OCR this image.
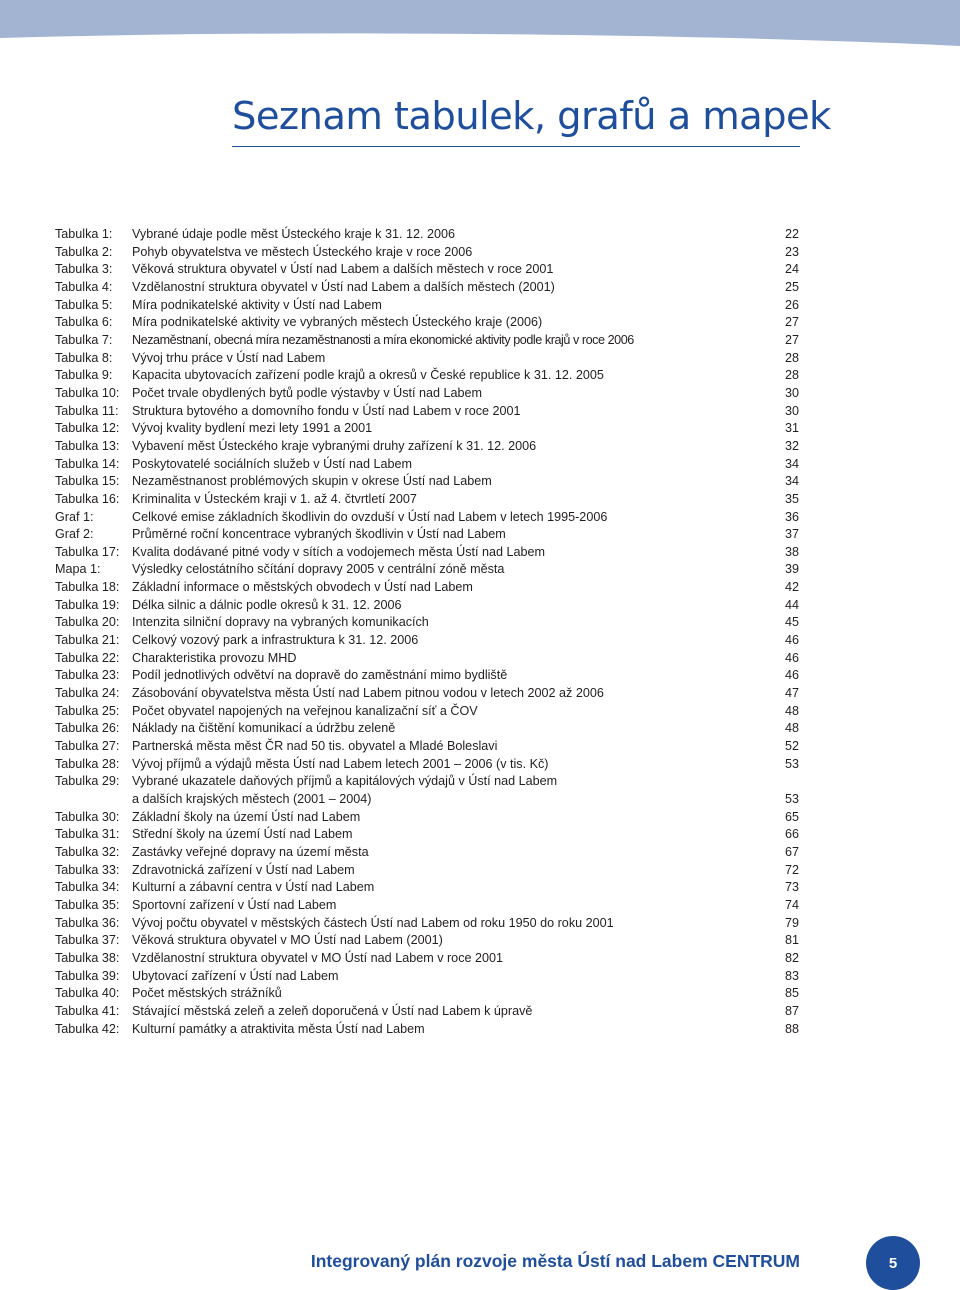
Seznam tabulek, grafů a mapek
Tabulka 1:	Vybrané údaje podle měst Ústeckého kraje k 31. 12. 2006	22
Tabulka 2:	Pohyb obyvatelstva ve městech Ústeckého kraje v roce 2006	23
Tabulka 3:	Věková struktura obyvatel v Ústí nad Labem a dalších městech v roce 2001	24
Tabulka 4:	Vzdělanostní struktura obyvatel v Ústí nad Labem a dalších městech (2001)	25
Tabulka 5:	Míra podnikatelské aktivity v Ústí nad Labem	26
Tabulka 6:	Míra podnikatelské aktivity ve vybraných městech Ústeckého kraje (2006)	27
Tabulka 7:	Nezaměstnaní, obecná míra nezaměstnanosti a míra ekonomické aktivity podle krajů v roce 2006	27
Tabulka 8:	Vývoj trhu práce v Ústí nad Labem	28
Tabulka 9:	Kapacita ubytovacích zařízení podle krajů a okresů v České republice k 31. 12. 2005	28
Tabulka 10: Počet trvale obydlených bytů podle výstavby v Ústí nad Labem	30
Tabulka 11:	Struktura bytového a domovního fondu v Ústí nad Labem v roce 2001	30
Tabulka 12: Vývoj kvality bydlení mezi lety 1991 a 2001	31
Tabulka 13: Vybavení měst Ústeckého kraje vybranými druhy zařízení k 31. 12. 2006	32
Tabulka 14: Poskytovatelé sociálních služeb v Ústí nad Labem	34
Tabulka 15: Nezaměstnanost problémových skupin v okrese Ústí nad Labem	34
Tabulka 16: Kriminalita v Ústeckém kraji v 1. až 4. čtvrtletí 2007	35
Graf 1:	Celkové emise základních škodlivin do ovzduší v Ústí nad Labem v letech 1995-2006	36
Graf 2:	Průměrné roční koncentrace vybraných škodlivin v Ústí nad Labem	37
Tabulka 17: Kvalita dodávané pitné vody v sítích a vodojemech města Ústí nad Labem	38
Mapa 1:	Výsledky celostátního sčítání dopravy 2005 v centrální zóně města	39
Tabulka 18: Základní informace o městských obvodech v Ústí nad Labem	42
Tabulka 19: Délka silnic a dálnic podle okresů k 31. 12. 2006	44
Tabulka 20: Intenzita silniční dopravy na vybraných komunikacích	45
Tabulka 21: Celkový vozový park a infrastruktura k 31. 12. 2006	46
Tabulka 22: Charakteristika provozu MHD	46
Tabulka 23: Podíl jednotlivých odvětví na dopravě do zaměstnání mimo bydliště	46
Tabulka 24: Zásobování obyvatelstva města Ústí nad Labem pitnou vodou v letech 2002 až 2006	47
Tabulka 25: Počet obyvatel napojených na veřejnou kanalizační síť a ČOV	48
Tabulka 26: Náklady na čištění komunikací a údržbu zeleně	48
Tabulka 27: Partnerská města měst ČR nad 50 tis. obyvatel a Mladé Boleslavi	52
Tabulka 28: Vývoj příjmů a výdajů města Ústí nad Labem letech 2001 – 2006 (v tis. Kč)	53
Tabulka 29: Vybrané ukazatele daňových příjmů a kapitálových výdajů v Ústí nad Labem
a dalších krajských městech (2001 – 2004)	53
Tabulka 30: Základní školy na území Ústí nad Labem	65
Tabulka 31: Střední školy na území Ústí nad Labem	66
Tabulka 32: Zastávky veřejné dopravy na území města	67
Tabulka 33: Zdravotnická zařízení v Ústí nad Labem	72
Tabulka 34: Kulturní a zábavní centra v Ústí nad Labem	73
Tabulka 35: Sportovní zařízení v Ústí nad Labem	74
Tabulka 36: Vývoj počtu obyvatel v městských částech Ústí nad Labem od roku 1950 do roku 2001	79
Tabulka 37: Věková struktura obyvatel v MO Ústí nad Labem (2001)	81
Tabulka 38: Vzdělanostní struktura obyvatel v MO Ústí nad Labem v roce 2001	82
Tabulka 39: Ubytovací zařízení v Ústí nad Labem	83
Tabulka 40: Počet městských strážníků	85
Tabulka 41: Stávající městská zeleň a zeleň doporučená v Ústí nad Labem k úpravě	87
Tabulka 42: Kulturní památky a atraktivita města Ústí nad Labem	88
Integrovaný plán rozvoje města Ústí nad Labem CENTRUM	5
